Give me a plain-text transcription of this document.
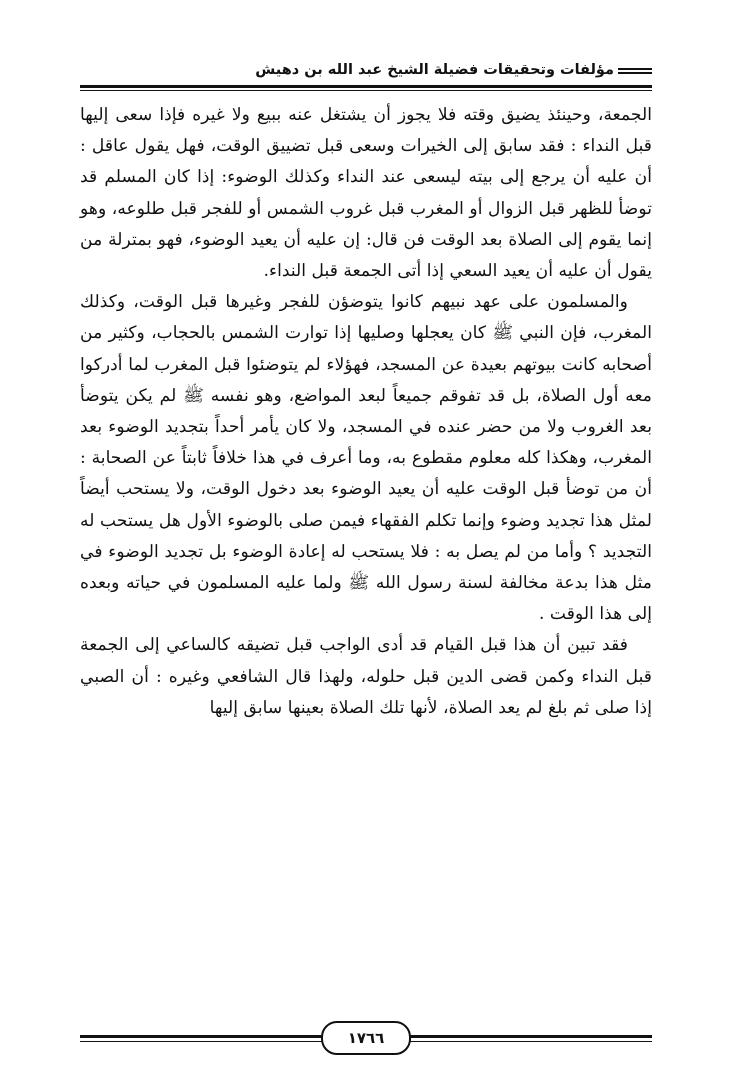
مؤلفات وتحقيقات فضيلة الشيخ عبد الله بن دهيش

الجمعة، وحينئذ يضيق وقته فلا يجوز أن يشتغل عنه ببيع ولا غيره فإذا سعى إليها قبل النداء : فقد سابق إلى الخيرات وسعى قبل تضييق الوقت، فهل يقول عاقل : أن عليه أن يرجع إلى بيته ليسعى عند النداء وكذلك الوضوء: إذا كان المسلم قد توضأ للظهر قبل الزوال أو المغرب قبل غروب الشمس أو للفجر قبل طلوعه، وهو إنما يقوم إلى الصلاة بعد الوقت فن قال: إن عليه أن يعيد الوضوء، فهو بمترلة من يقول أن عليه أن يعيد السعي إذا أتى الجمعة قبل النداء.

والمسلمون على عهد نبيهم كانوا يتوضؤن للفجر وغيرها قبل الوقت، وكذلك المغرب، فإن النبي ﷺ كان يعجلها وصليها إذا توارت الشمس بالحجاب، وكثير من أصحابه كانت بيوتهم بعيدة عن المسجد، فهؤلاء لم يتوضئوا قبل المغرب لما أدركوا معه أول الصلاة، بل قد تفوقم جميعاً لبعد المواضع، وهو نفسه ﷺ لم يكن يتوضأ بعد الغروب ولا من حضر عنده في المسجد، ولا كان يأمر أحداً بتجديد الوضوء بعد المغرب، وهكذا كله معلوم مقطوع به، وما أعرف في هذا خلافاً ثابتاً عن الصحابة : أن من توضأ قبل الوقت عليه أن يعيد الوضوء بعد دخول الوقت، ولا يستحب أيضاً لمثل هذا تجديد وضوء وإنما تكلم الفقهاء فيمن صلى بالوضوء الأول هل يستحب له التجديد ؟ وأما من لم يصل به : فلا يستحب له إعادة الوضوء بل تجديد الوضوء في مثل هذا بدعة مخالفة لسنة رسول الله ﷺ ولما عليه المسلمون في حياته وبعده إلى هذا الوقت .

فقد تبين أن هذا قبل القيام قد أدى الواجب قبل تضيقه كالساعي إلى الجمعة قبل النداء وكمن قضى الدين قبل حلوله، ولهذا قال الشافعي وغيره : أن الصبي إذا صلى ثم بلغ لم يعد الصلاة، لأنها تلك الصلاة بعينها سابق إليها

١٧٦٦
